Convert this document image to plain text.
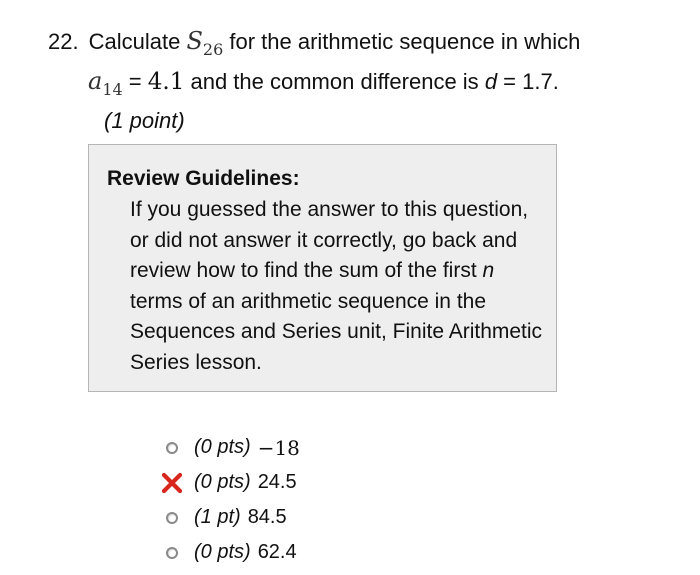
22. Calculate $S_{26}$ for the arithmetic sequence in which
$a_{14} = 4.1$ and the common difference is d = 1.7.
(1 point)
Review Guidelines:
If you guessed the answer to this question, or did not answer it correctly, go back and review how to find the sum of the first n terms of an arithmetic sequence in the Sequences and Series unit, Finite Arithmetic Series lesson.
(0 pts) −18
(0 pts) 24.5
(1 pt) 84.5
(0 pts) 62.4
